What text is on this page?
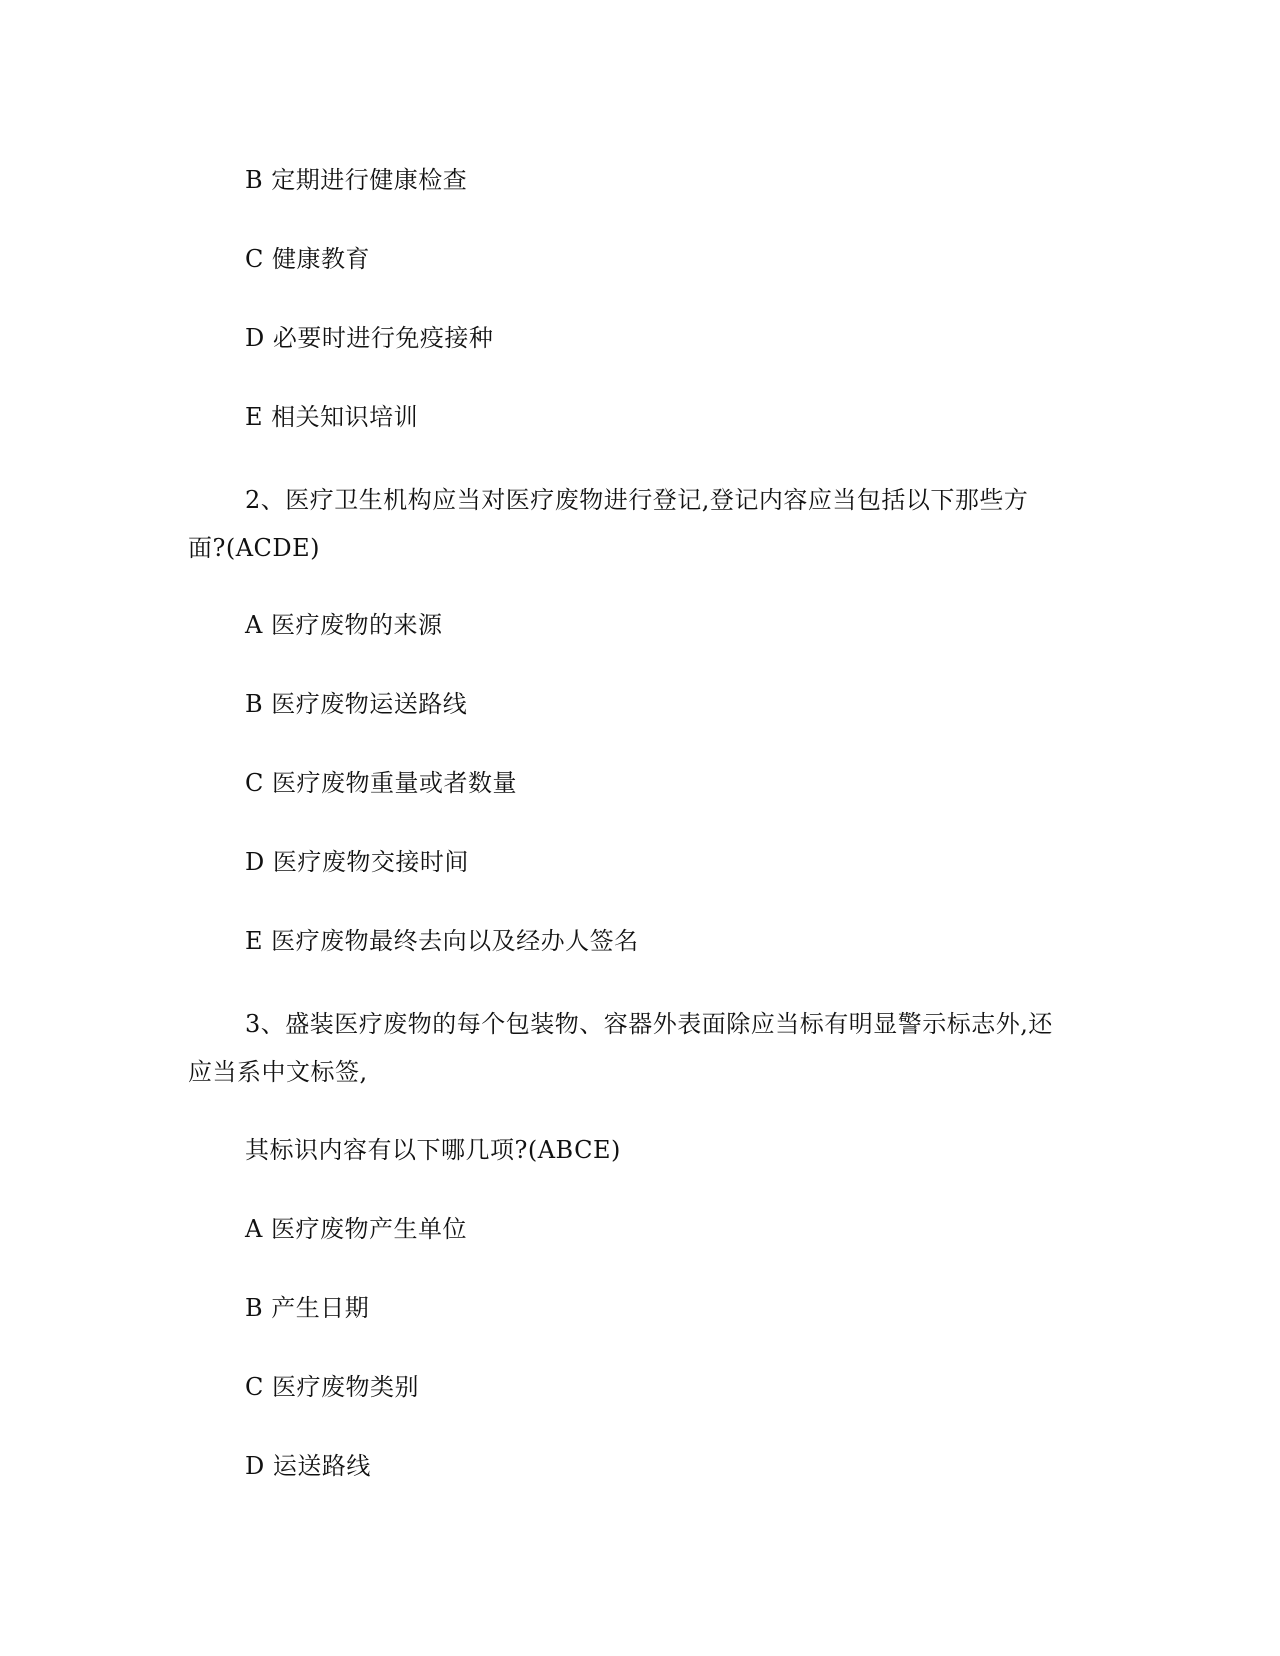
B 定期进行健康检查
C 健康教育
D 必要时进行免疫接种
E 相关知识培训
2、医疗卫生机构应当对医疗废物进行登记,登记内容应当包括以下那些方
面?(ACDE)
A 医疗废物的来源
B 医疗废物运送路线
C 医疗废物重量或者数量
D 医疗废物交接时间
E 医疗废物最终去向以及经办人签名
3、盛装医疗废物的每个包装物、容器外表面除应当标有明显警示标志外,还
应当系中文标签,
其标识内容有以下哪几项?(ABCE)
A 医疗废物产生单位
B 产生日期
C 医疗废物类别
D 运送路线
